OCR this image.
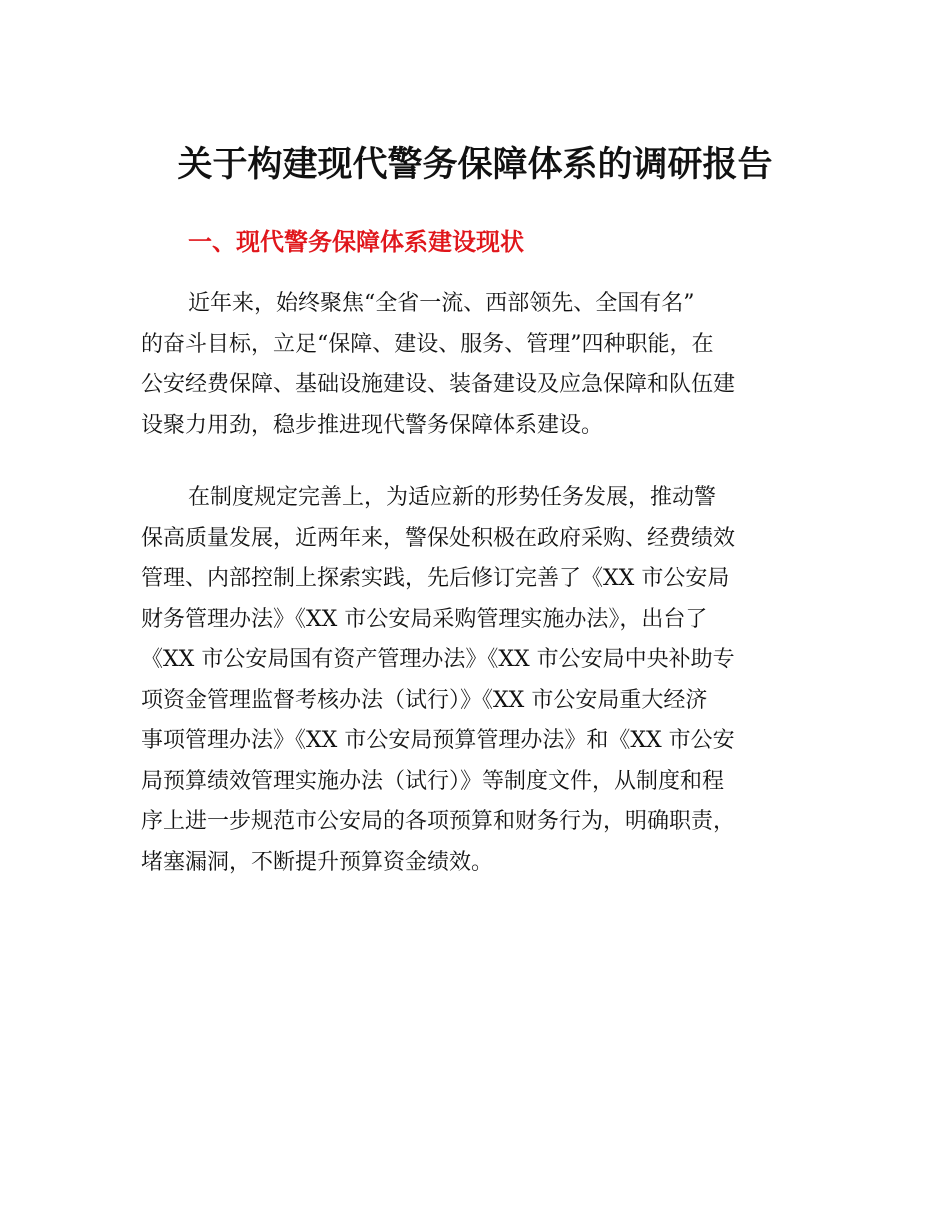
关于构建现代警务保障体系的调研报告
一、现代警务保障体系建设现状

近年来，始终聚焦“全省一流、西部领先、全国有名”
的奋斗目标，立足“保障、建设、服务、管理”四种职能，在
公安经费保障、基础设施建设、装备建设及应急保障和队伍建
设聚力用劲，稳步推进现代警务保障体系建设。

在制度规定完善上，为适应新的形势任务发展，推动警
保高质量发展，近两年来，警保处积极在政府采购、经费绩效
管理、内部控制上探索实践，先后修订完善了《XX 市公安局
财务管理办法》《XX 市公安局采购管理实施办法》，出台了
《XX 市公安局国有资产管理办法》《XX 市公安局中央补助专
项资金管理监督考核办法（试行）》《XX 市公安局重大经济
事项管理办法》《XX 市公安局预算管理办法》和《XX 市公安
局预算绩效管理实施办法（试行）》等制度文件，从制度和程
序上进一步规范市公安局的各项预算和财务行为，明确职责，
堵塞漏洞，不断提升预算资金绩效。
